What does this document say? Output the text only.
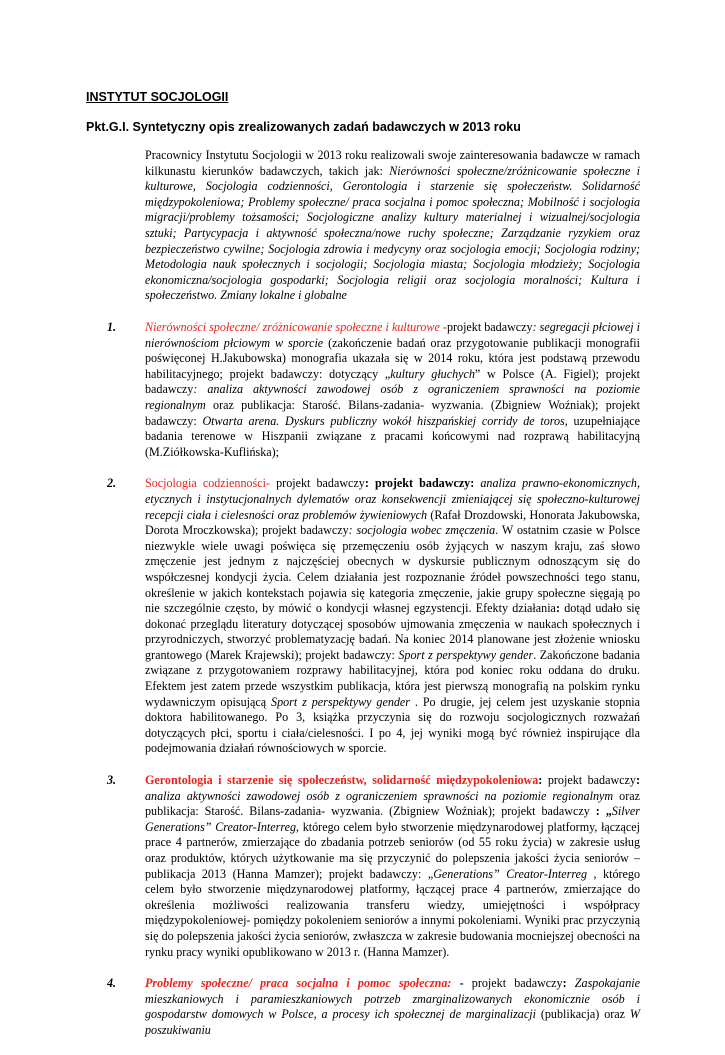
INSTYTUT SOCJOLOGII

Pkt.G.I. Syntetyczny opis zrealizowanych zadań badawczych w 2013 roku

Pracownicy Instytutu Socjologii w 2013 roku realizowali swoje zainteresowania badawcze w ramach kilkunastu kierunków badawczych, takich jak: Nierówności społeczne/zróżnicowanie społeczne i kulturowe, Socjologia codzienności, Gerontologia i starzenie się społeczeństw. Solidarność międzypokoleniowa; Problemy społeczne/ praca socjalna i pomoc społeczna; Mobilność i socjologia migracji/problemy tożsamości; Socjologiczne analizy kultury materialnej i wizualnej/socjologia sztuki; Partycypacja i aktywność społeczna/nowe ruchy społeczne; Zarządzanie ryzykiem oraz bezpieczeństwo cywilne; Socjologia zdrowia i medycyny oraz socjologia emocji; Socjologia rodziny; Metodologia nauk społecznych i socjologii; Socjologia miasta; Socjologia młodzieży; Socjologia ekonomiczna/socjologia gospodarki; Socjologia religii oraz socjologia moralności; Kultura i społeczeństwo. Zmiany lokalne i globalne

1. Nierówności społeczne/ zróżnicowanie społeczne i kulturowe -projekt badawczy: segregacji płciowej i nierównościom płciowym w sporcie (zakończenie badań oraz przygotowanie publikacji monografii poświęconej H.Jakubowska) monografia ukazała się w 2014 roku, która jest podstawą przewodu habilitacyjnego; projekt badawczy: dotyczący „kultury głuchych” w Polsce (A. Figiel); projekt badawczy: analiza aktywności zawodowej osób z ograniczeniem sprawności na poziomie regionalnym oraz publikacja: Starość. Bilans-zadania- wyzwania. (Zbigniew Woźniak); projekt badawczy: Otwarta arena. Dyskurs publiczny wokół hiszpańskiej corridy de toros, uzupełniające badania terenowe w Hiszpanii związane z pracami końcowymi nad rozprawą habilitacyjną (M.Ziółkowska-Kuflińska);
2. Socjologia codzienności- projekt badawczy: projekt badawczy: analiza prawno-ekonomicznych, etycznych i instytucjonalnych dylematów oraz konsekwencji zmieniającej się społeczno-kulturowej recepcji ciała i cielesności oraz problemów żywieniowych (Rafał Drozdowski, Honorata Jakubowska, Dorota Mroczkowska); projekt badawczy: socjologia wobec zmęczenia. W ostatnim czasie w Polsce niezwykle wiele uwagi poświęca się przemęczeniu osób żyjących w naszym kraju, zaś słowo zmęczenie jest jednym z najczęściej obecnych w dyskursie publicznym odnoszącym się do współczesnej kondycji życia. Celem działania jest rozpoznanie źródeł powszechności tego stanu, określenie w jakich kontekstach pojawia się kategoria zmęczenie, jakie grupy społeczne sięgają po nie szczególnie często, by mówić o kondycji własnej egzystencji. Efekty działania: dotąd udało się dokonać przeglądu literatury dotyczącej sposobów ujmowania zmęczenia w naukach społecznych i przyrodniczych, stworzyć problematyzację badań. Na koniec 2014 planowane jest złożenie wniosku grantowego (Marek Krajewski); projekt badawczy: Sport z perspektywy gender. Zakończone badania związane z przygotowaniem rozprawy habilitacyjnej, która pod koniec roku oddana do druku. Efektem jest zatem przede wszystkim publikacja, która jest pierwszą monografią na polskim rynku wydawniczym opisującą Sport z perspektywy gender . Po drugie, jej celem jest uzyskanie stopnia doktora habilitowanego. Po 3, książka przyczynia się do rozwoju socjologicznych rozważań dotyczących płci, sportu i ciała/cielesności. I po 4, jej wyniki mogą być również inspirujące dla podejmowania działań równościowych w sporcie.
3. Gerontologia i starzenie się społeczeństw, solidarność międzypokoleniowa: projekt badawczy: analiza aktywności zawodowej osób z ograniczeniem sprawności na poziomie regionalnym oraz publikacja: Starość. Bilans-zadania- wyzwania. (Zbigniew Woźniak); projekt badawczy : „Silver Generations” Creator-Interreg, którego celem było stworzenie międzynarodowej platformy, łączącej prace 4 partnerów, zmierzające do zbadania potrzeb seniorów (od 55 roku życia) w zakresie usług oraz produktów, których użytkowanie ma się przyczynić do polepszenia jakości życia seniorów – publikacja 2013 (Hanna Mamzer); projekt badawczy: „Generations” Creator-Interreg , którego celem było stworzenie międzynarodowej platformy, łączącej prace 4 partnerów, zmierzające do określenia możliwości realizowania transferu wiedzy, umiejętności i współpracy międzypokoleniowej- pomiędzy pokoleniem seniorów a innymi pokoleniami. Wyniki prac przyczynią się do polepszenia jakości życia seniorów, zwłaszcza w zakresie budowania mocniejszej obecności na rynku pracy wyniki opublikowano w 2013 r. (Hanna Mamzer).
4. Problemy społeczne/ praca socjalna i pomoc społeczna: - projekt badawczy: Zaspokajanie mieszkaniowych i paramieszkaniowych potrzeb zmarginalizowanych ekonomicznie osób i gospodarstw domowych w Polsce, a procesy ich społecznej de marginalizacji (publikacja) oraz W poszukiwaniu
